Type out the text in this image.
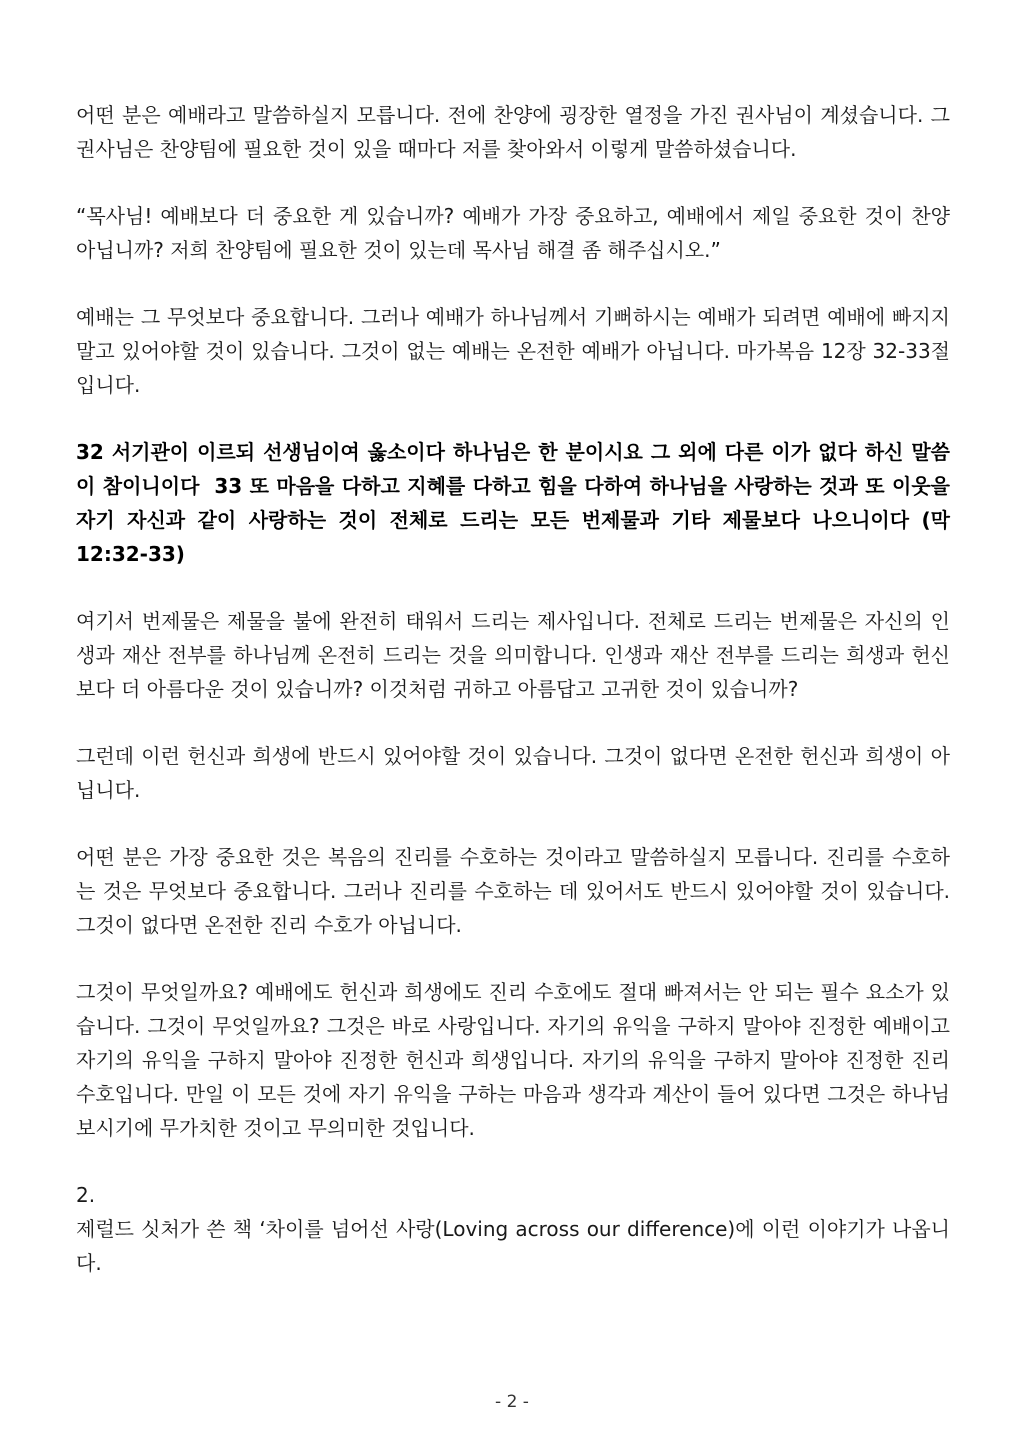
어떤 분은 예배라고 말씀하실지 모릅니다. 전에 찬양에 굉장한 열정을 가진 권사님이 계셨습니다. 그 권사님은 찬양팀에 필요한 것이 있을 때마다 저를 찾아와서 이렇게 말씀하셨습니다.

“목사님! 예배보다 더 중요한 게 있습니까? 예배가 가장 중요하고, 예배에서 제일 중요한 것이 찬양 아닙니까? 저희 찬양팀에 필요한 것이 있는데 목사님 해결 좀 해주십시오.”

예배는 그 무엇보다 중요합니다. 그러나 예배가 하나님께서 기뻐하시는 예배가 되려면 예배에 빠지지 말고 있어야할 것이 있습니다. 그것이 없는 예배는 온전한 예배가 아닙니다. 마가복음 12장 32-33절입니다.

32 서기관이 이르되 선생님이여 옳소이다 하나님은 한 분이시요 그 외에 다른 이가 없다 하신 말씀이 참이니이다  33 또 마음을 다하고 지혜를 다하고 힘을 다하여 하나님을 사랑하는 것과 또 이웃을 자기 자신과 같이 사랑하는 것이 전체로 드리는 모든 번제물과 기타 제물보다 나으니이다 (막 12:32-33)

여기서 번제물은 제물을 불에 완전히 태워서 드리는 제사입니다. 전체로 드리는 번제물은 자신의 인생과 재산 전부를 하나님께 온전히 드리는 것을 의미합니다. 인생과 재산 전부를 드리는 희생과 헌신보다 더 아름다운 것이 있습니까? 이것처럼 귀하고 아름답고 고귀한 것이 있습니까?

그런데 이런 헌신과 희생에 반드시 있어야할 것이 있습니다. 그것이 없다면 온전한 헌신과 희생이 아닙니다.

어떤 분은 가장 중요한 것은 복음의 진리를 수호하는 것이라고 말씀하실지 모릅니다. 진리를 수호하는 것은 무엇보다 중요합니다. 그러나 진리를 수호하는 데 있어서도 반드시 있어야할 것이 있습니다. 그것이 없다면 온전한 진리 수호가 아닙니다.

그것이 무엇일까요? 예배에도 헌신과 희생에도 진리 수호에도 절대 빠져서는 안 되는 필수 요소가 있습니다. 그것이 무엇일까요? 그것은 바로 사랑입니다. 자기의 유익을 구하지 말아야 진정한 예배이고 자기의 유익을 구하지 말아야 진정한 헌신과 희생입니다. 자기의 유익을 구하지 말아야 진정한 진리 수호입니다. 만일 이 모든 것에 자기 유익을 구하는 마음과 생각과 계산이 들어 있다면 그것은 하나님 보시기에 무가치한 것이고 무의미한 것입니다.

2.

제럴드 싯처가 쓴 책 ‘차이를 넘어선 사랑(Loving across our difference)에 이런 이야기가 나옵니다.

- 2 -
